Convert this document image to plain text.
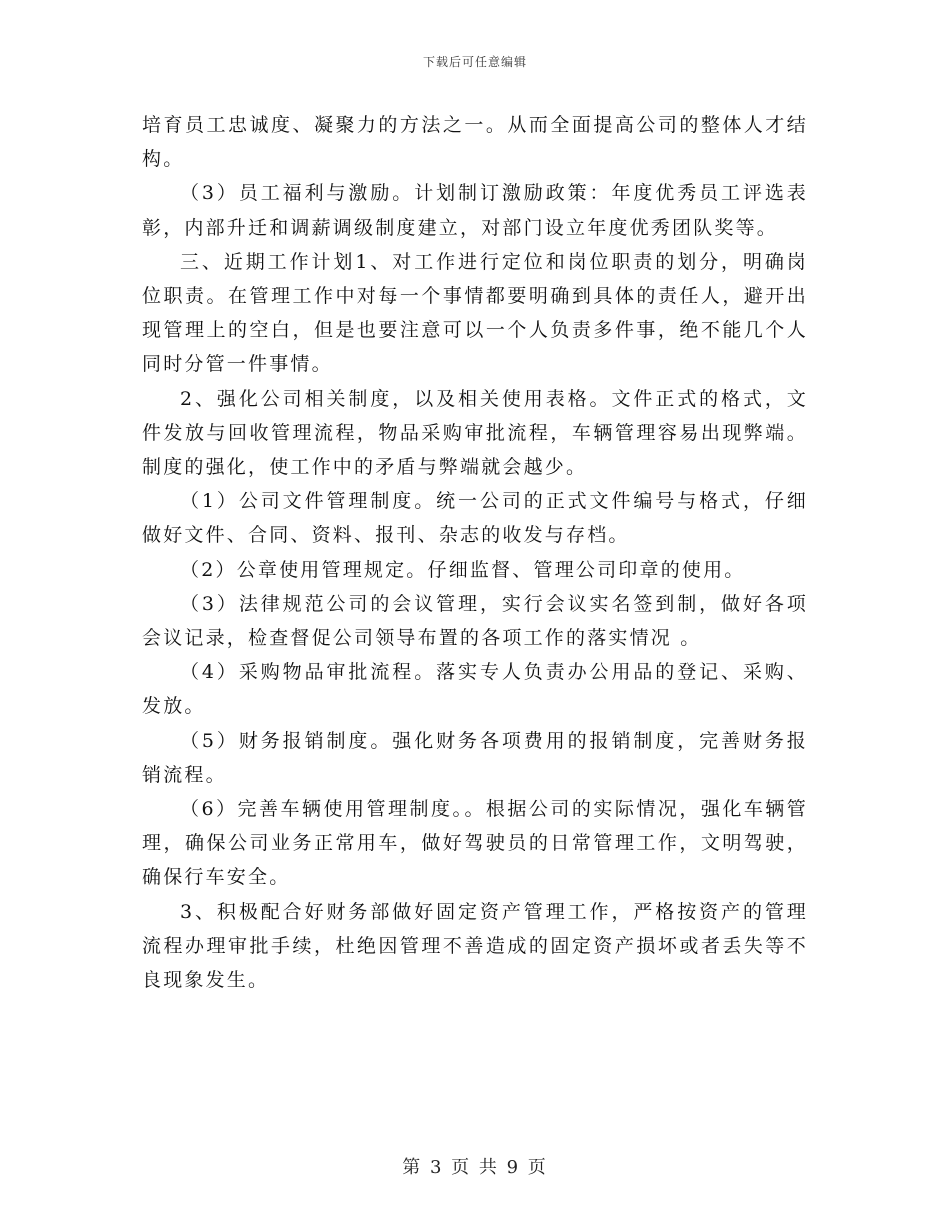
下载后可任意编辑

培育员工忠诚度、凝聚力的方法之一。从而全面提高公司的整体人才结构。

（3）员工福利与激励。计划制订激励政策：年度优秀员工评选表彰，内部升迁和调薪调级制度建立，对部门设立年度优秀团队奖等。

三、近期工作计划1、对工作进行定位和岗位职责的划分，明确岗位职责。在管理工作中对每一个事情都要明确到具体的责任人，避开出现管理上的空白，但是也要注意可以一个人负责多件事，绝不能几个人同时分管一件事情。

2、强化公司相关制度，以及相关使用表格。文件正式的格式，文件发放与回收管理流程，物品采购审批流程，车辆管理容易出现弊端。制度的强化，使工作中的矛盾与弊端就会越少。

（1）公司文件管理制度。统一公司的正式文件编号与格式，仔细做好文件、合同、资料、报刊、杂志的收发与存档。

（2）公章使用管理规定。仔细监督、管理公司印章的使用。

（3）法律规范公司的会议管理，实行会议实名签到制，做好各项会议记录，检查督促公司领导布置的各项工作的落实情况 。

（4）采购物品审批流程。落实专人负责办公用品的登记、采购、发放。

（5）财务报销制度。强化财务各项费用的报销制度，完善财务报销流程。

（6）完善车辆使用管理制度。。根据公司的实际情况，强化车辆管理，确保公司业务正常用车，做好驾驶员的日常管理工作，文明驾驶，确保行车安全。

3、积极配合好财务部做好固定资产管理工作，严格按资产的管理流程办理审批手续，杜绝因管理不善造成的固定资产损坏或者丢失等不良现象发生。

第 3 页 共 9 页
